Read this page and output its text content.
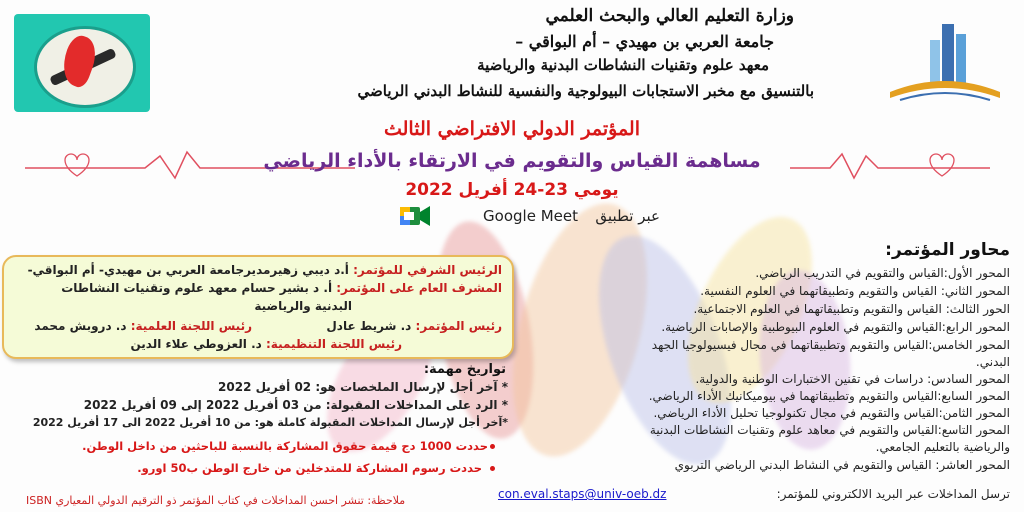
وزارة التعليم العالي والبحث العلمي
جامعة العربي بن مهيدي – أم البواقي –
معهد علوم وتقنيات النشاطات البدنية والرياضية
بالتنسيق مع مخبر الاستجابات البيولوجية والنفسية للنشاط البدني الرياضي
المؤتمر الدولي الافتراضي الثالث
مساهمة القياس والتقويم في الارتقاء بالأداء الرياضي
يومي 23-24 أفريل 2022
عبر تطبيق
Google Meet
محاور المؤتمر:
المحور الأول:القياس والتقويم في التدريب الرياضي.
المحور الثاني: القياس والتقويم وتطبيقاتهما في العلوم النفسية.
الحور الثالث: القياس والتقويم وتطبيقاتهما في العلوم الاجتماعية.
المحور الرابع:القياس والتقويم في العلوم البيوطبية والإصابات الرياضية.
المحور الخامس:القياس والتقويم وتطبيقاتهما في مجال فيسيولوجيا الجهد
البدني.
المحور السادس: دراسات في تقنين الاختبارات الوطنية والدولية.
المحور السابع:القياس والتقويم وتطبيقاتهما في بيوميكانيك الأداء الرياضي.
المحور الثامن:القياس والتقويم في مجال تكنولوجيا تحليل الأداء الرياضي.
المحور التاسع:القياس والتقويم في معاهد علوم وتقنيات النشاطات البدنية
والرياضية بالتعليم الجامعي.
المحور العاشر: القياس والتقويم في النشاط البدني الرياضي التربوي
الرئيس الشرفي للمؤتمر: أ.د ديبي زهيرمديرجامعة العربي بن مهيدي- أم البواقي-
المشرف العام على المؤتمر: أ. د بشير حسام معهد علوم وتقنيات النشاطات
البدنية والرياضية
رئيس المؤتمر: د. شريط عادل
رئيس اللجنة العلمية: د. دروبش محمد
رئيس اللجنة التنظيمية: د. العزوطي علاء الدين
تواريخ مهمة:
* آخر أجل لإرسال الملخصات هو: 02 أفريل 2022
* الرد على المداخلات المقبولة: من 03 أفريل 2022 إلى 09 أفريل 2022
*آخر أجل لإرسال المداخلات المقبولة كاملة هو: من 10 أفريل 2022 الى 17 أفريل 2022
حددت 1000 دج قيمة حقوق المشاركة بالنسبة للباحثين من داخل الوطن.
حددت رسوم المشاركة للمتدخلين من خارج الوطن ب50 اورو.
ملاحظة: تنشر احسن المداخلات في كتاب المؤتمر ذو الترقيم الدولي المعياري ISBN	ترسل المداخلات عبر البريد الالكتروني للمؤتمر:
con.eval.staps@univ-oeb.dz
